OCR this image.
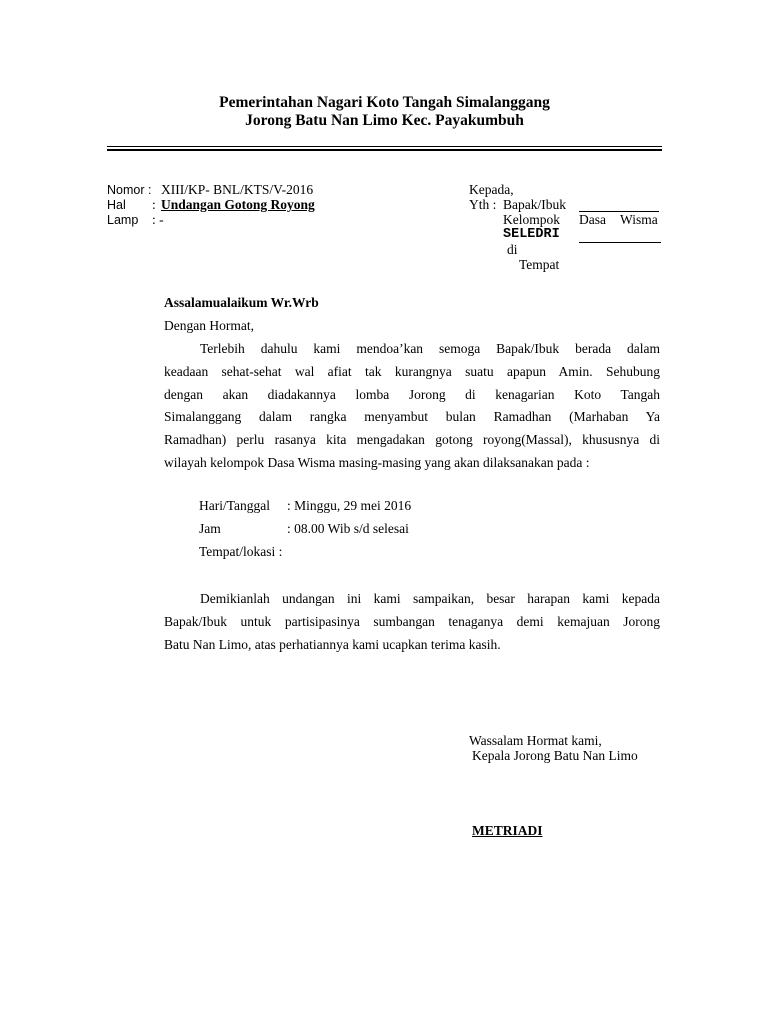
Pemerintahan Nagari Koto Tangah Simalanggang
Jorong Batu Nan Limo Kec. Payakumbuh
Nomor : XIII/KP- BNL/KTS/V-2016
Hal : Undangan Gotong Royong
Lamp : -
Kepada,
Yth : Bapak/Ibuk
Kelompok Dasa Wisma
SELEDRI
di
Tempat
Assalamualaikum Wr.Wrb
Dengan Hormat,
Terlebih dahulu kami mendoa’kan semoga Bapak/Ibuk berada dalam
keadaan sehat-sehat wal afiat tak kurangnya suatu apapun Amin. Sehubung
dengan akan diadakannya lomba Jorong di kenagarian Koto Tangah
Simalanggang dalam rangka menyambut bulan Ramadhan (Marhaban Ya
Ramadhan) perlu rasanya kita mengadakan gotong royong(Massal), khususnya di
wilayah kelompok Dasa Wisma masing-masing yang akan dilaksanakan pada :
Hari/Tanggal : Minggu, 29 mei 2016
Jam	: 08.00 Wib s/d selesai
Tempat/lokasi :
Demikianlah undangan ini kami sampaikan, besar harapan kami kepada
Bapak/Ibuk untuk partisipasinya sumbangan tenaganya demi kemajuan Jorong
Batu Nan Limo, atas perhatiannya kami ucapkan terima kasih.
Wassalam Hormat kami,
Kepala Jorong Batu Nan Limo
METRIADI
